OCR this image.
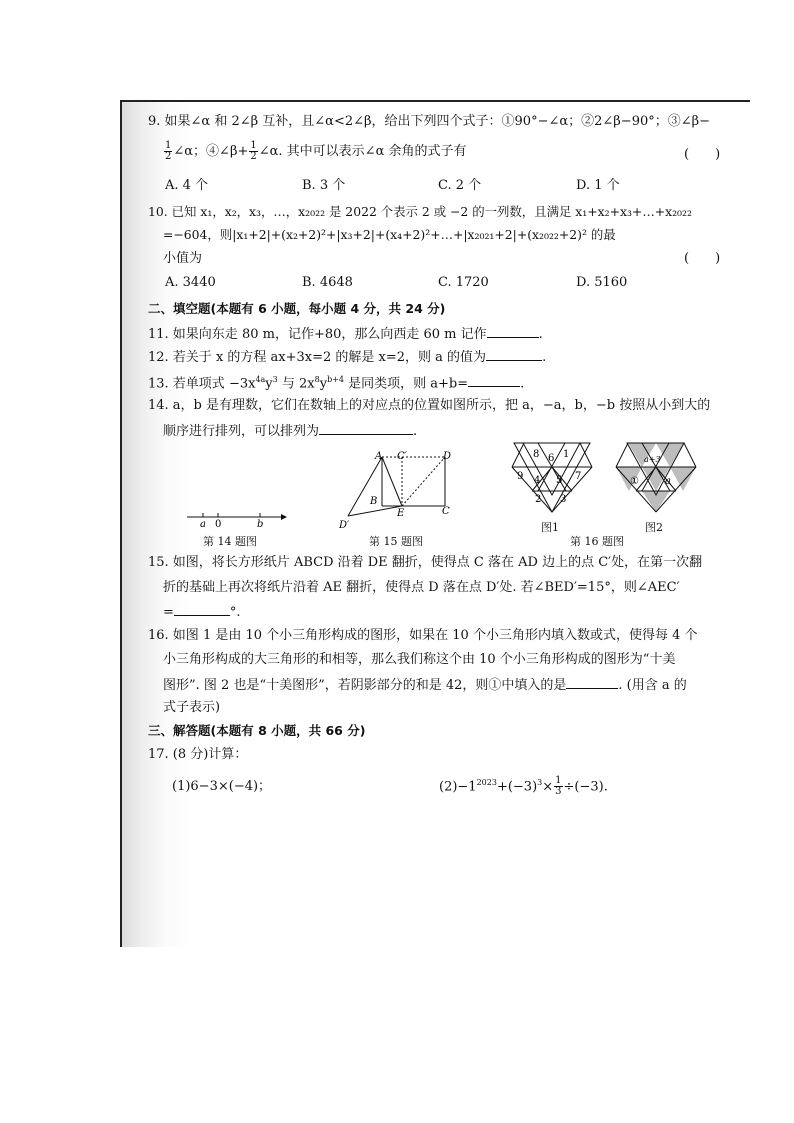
9. 如果∠α 和 2∠β 互补，且∠α<2∠β，给出下列四个式子：①90°−∠α；②2∠β−90°；③∠β−
$\frac{1}{2}$ ∠α；④∠β+ $\frac{1}{2}$ ∠α. 其中可以表示∠α 余角的式子有	(　　)
A. 4 个	B. 3 个	C. 2 个	D. 1 个
10. 已知 x₁，x₂，x₃，…，x₂₀₂₂ 是 2022 个表示 2 或 −2 的一列数，且满足 x₁+x₂+x₃+…+x₂₀₂₂
=−604，则|x₁+2|+(x₂+2)²+|x₃+2|+(x₄+2)²+…+|x₂₀₂₁+2|+(x₂₀₂₂+2)² 的最
小值为	(　　)
A. 3440	B. 4648	C. 1720	D. 5160
二、填空题(本题有 6 小题，每小题 4 分，共 24 分)
11. 如果向东走 80 m，记作+80，那么向西走 60 m 记作	.
12. 若关于 x 的方程 ax+3x=2 的解是 x=2，则 a 的值为	.
13. 若单项式 $-3x^{4a}y^3$ 与 $2x^8y^{b+4}$ 是同类项，则 a+b=	.
14. a，b 是有理数，它们在数轴上的对应点的位置如图所示，把 a，−a，b，−b 按照从小到大的
顺序进行排列，可以排列为	.
a 0	b
第 14 题图
A C′	D
B
E	C
D′
第 15 题图
8 6 1
9 4 5 7
2 3
图1
a+3
①	a
图2
第 16 题图
15. 如图，将长方形纸片 ABCD 沿着 DE 翻折，使得点 C 落在 AD 边上的点 C′处，在第一次翻
折的基础上再次将纸片沿着 AE 翻折，使得点 D 落在点 D′处. 若∠BED′=15°，则∠AEC′
=	°.
16. 如图 1 是由 10 个小三角形构成的图形，如果在 10 个小三角形内填入数或式，使得每 4 个
小三角形构成的大三角形的和相等，那么我们称这个由 10 个小三角形构成的图形为“十美
图形”. 图 2 也是“十美图形”，若阴影部分的和是 42，则①中填入的是	. (用含 a 的
式子表示)
三、解答题(本题有 8 小题，共 66 分)
17. (8 分)计算：
(1)6−3×(−4)；	$(2)-1^{2023}+(-3)^3\times \frac{1}{3} \div(-3)$.
